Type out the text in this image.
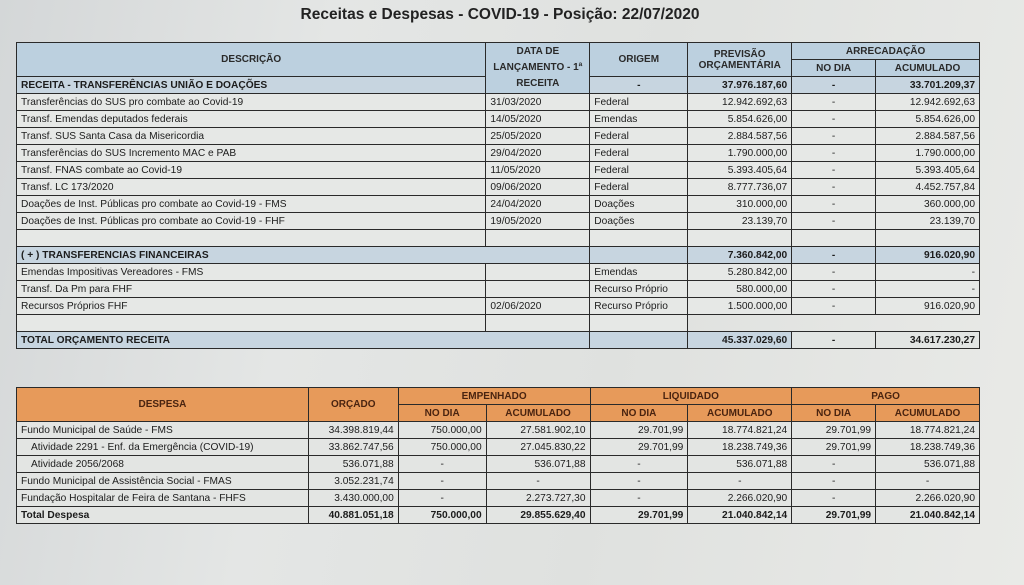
Receitas e Despesas - COVID-19 - Posição: 22/07/2020
DESCRIÇÃO	DATA DE LANÇAMENTO - 1ª RECEITA	ORIGEM	PREVISÃO ORÇAMENTÁRIA	ARRECADAÇÃO	
				NO DIA	ACUMULADO
RECEITA - TRANSFERÊNCIAS UNIÃO E DOAÇÕES		-	37.976.187,60	-	33.701.209,37
Transferências do SUS pro combate ao Covid-19	31/03/2020	Federal	12.942.692,63	-	12.942.692,63
Transf. Emendas deputados federais	14/05/2020	Emendas	5.854.626,00	-	5.854.626,00
Transf. SUS Santa Casa da Misericordia	25/05/2020	Federal	2.884.587,56	-	2.884.587,56
Transferências do SUS Incremento MAC e PAB	29/04/2020	Federal	1.790.000,00	-	1.790.000,00
Transf. FNAS combate ao Covid-19	11/05/2020	Federal	5.393.405,64	-	5.393.405,64
Transf. LC 173/2020	09/06/2020	Federal	8.777.736,07	-	4.452.757,84
Doações de Inst. Públicas pro combate ao Covid-19 - FMS	24/04/2020	Doações	310.000,00	-	360.000,00
Doações de Inst. Públicas pro combate ao Covid-19 - FHF	19/05/2020	Doações	23.139,70	-	23.139,70

( + ) TRANSFERENCIAS FINANCEIRAS			7.360.842,00	-	916.020,90
Emendas Impositivas Vereadores - FMS		Emendas	5.280.842,00	-	-
Transf. Da Pm para FHF		Recurso Próprio	580.000,00	-	-
Recursos Próprios FHF	02/06/2020	Recurso Próprio	1.500.000,00	-	916.020,90

TOTAL ORÇAMENTO RECEITA			45.337.029,60	-	34.617.230,27
DESPESA	ORÇADO	EMPENHADO		LIQUIDADO		PAGO	
		NO DIA	ACUMULADO	NO DIA	ACUMULADO	NO DIA	ACUMULADO
Fundo Municipal de Saúde - FMS	34.398.819,44	750.000,00	27.581.902,10	29.701,99	18.774.821,24	29.701,99	18.774.821,24
Atividade 2291 - Enf. da Emergência (COVID-19)	33.862.747,56	750.000,00	27.045.830,22	29.701,99	18.238.749,36	29.701,99	18.238.749,36
Atividade 2056/2068	536.071,88	-	536.071,88	-	536.071,88	-	536.071,88
Fundo Municipal de Assistência Social - FMAS	3.052.231,74	-	-	-	-	-	-
Fundação Hospitalar de Feira de Santana - FHFS	3.430.000,00	-	2.273.727,30	-	2.266.020,90	-	2.266.020,90
Total Despesa	40.881.051,18	750.000,00	29.855.629,40	29.701,99	21.040.842,14	29.701,99	21.040.842,14
